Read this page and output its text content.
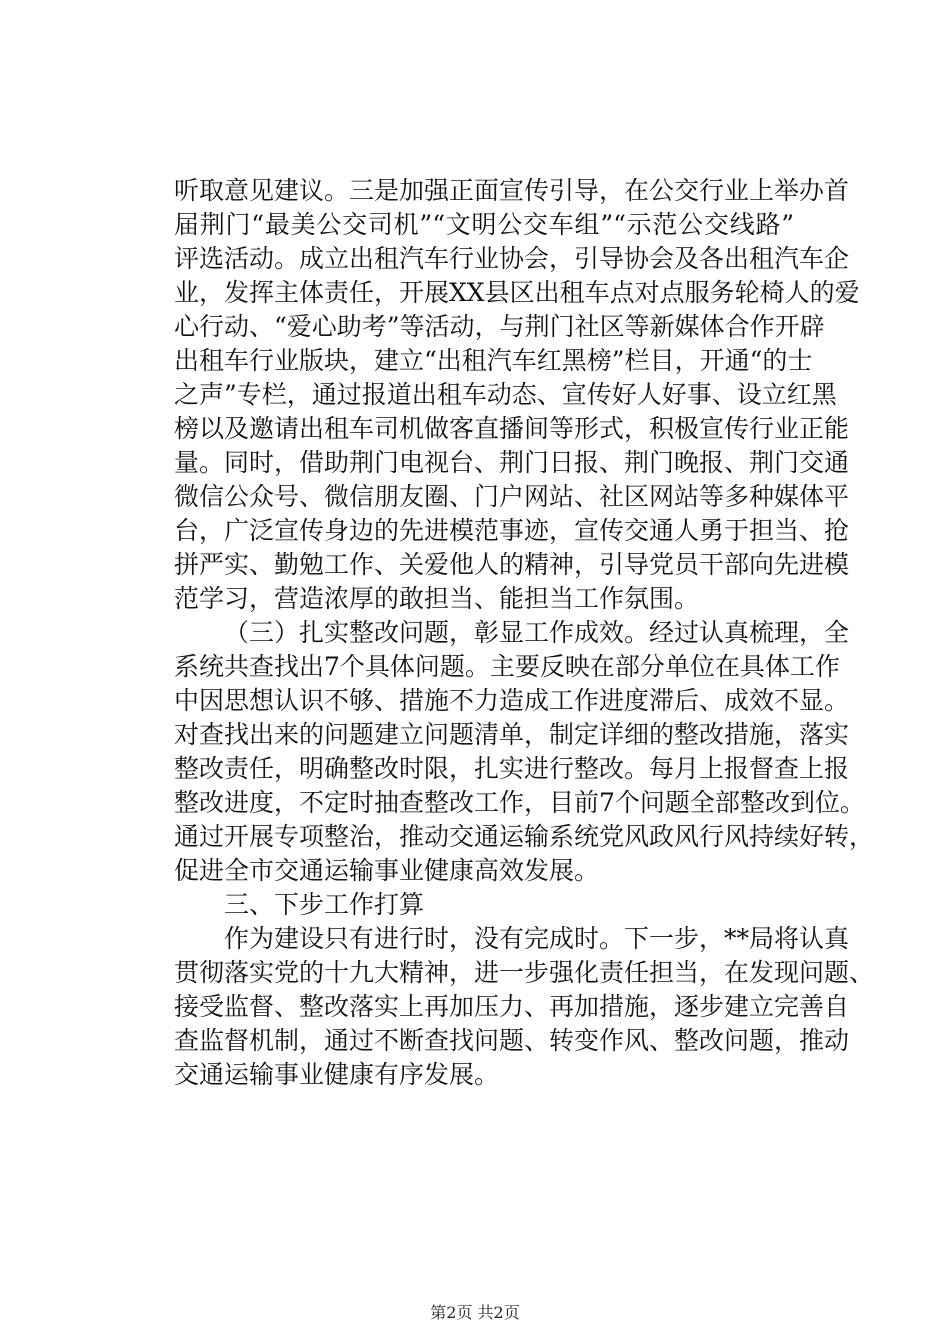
听取意见建议。三是加强正面宣传引导，在公交行业上举办首
届荆门“最美公交司机”“文明公交车组”“示范公交线路”
评选活动。成立出租汽车行业协会，引导协会及各出租汽车企
业，发挥主体责任，开展XX县区出租车点对点服务轮椅人的爱
心行动、“爱心助考”等活动，与荆门社区等新媒体合作开辟
出租车行业版块，建立“出租汽车红黑榜”栏目，开通“的士
之声”专栏，通过报道出租车动态、宣传好人好事、设立红黑
榜以及邀请出租车司机做客直播间等形式，积极宣传行业正能
量。同时，借助荆门电视台、荆门日报、荆门晚报、荆门交通
微信公众号、微信朋友圈、门户网站、社区网站等多种媒体平
台，广泛宣传身边的先进模范事迹，宣传交通人勇于担当、抢
拼严实、勤勉工作、关爱他人的精神，引导党员干部向先进模
范学习，营造浓厚的敢担当、能担当工作氛围。
（三）扎实整改问题，彰显工作成效。经过认真梳理，全
系统共查找出7个具体问题。主要反映在部分单位在具体工作
中因思想认识不够、措施不力造成工作进度滞后、成效不显。
对查找出来的问题建立问题清单，制定详细的整改措施，落实
整改责任，明确整改时限，扎实进行整改。每月上报督查上报
整改进度，不定时抽查整改工作，目前7个问题全部整改到位。
通过开展专项整治，推动交通运输系统党风政风行风持续好转，
促进全市交通运输事业健康高效发展。
三、下步工作打算
作为建设只有进行时，没有完成时。下一步，**局将认真
贯彻落实党的十九大精神，进一步强化责任担当，在发现问题、
接受监督、整改落实上再加压力、再加措施，逐步建立完善自
查监督机制，通过不断查找问题、转变作风、整改问题，推动
交通运输事业健康有序发展。
第2页 共2页
